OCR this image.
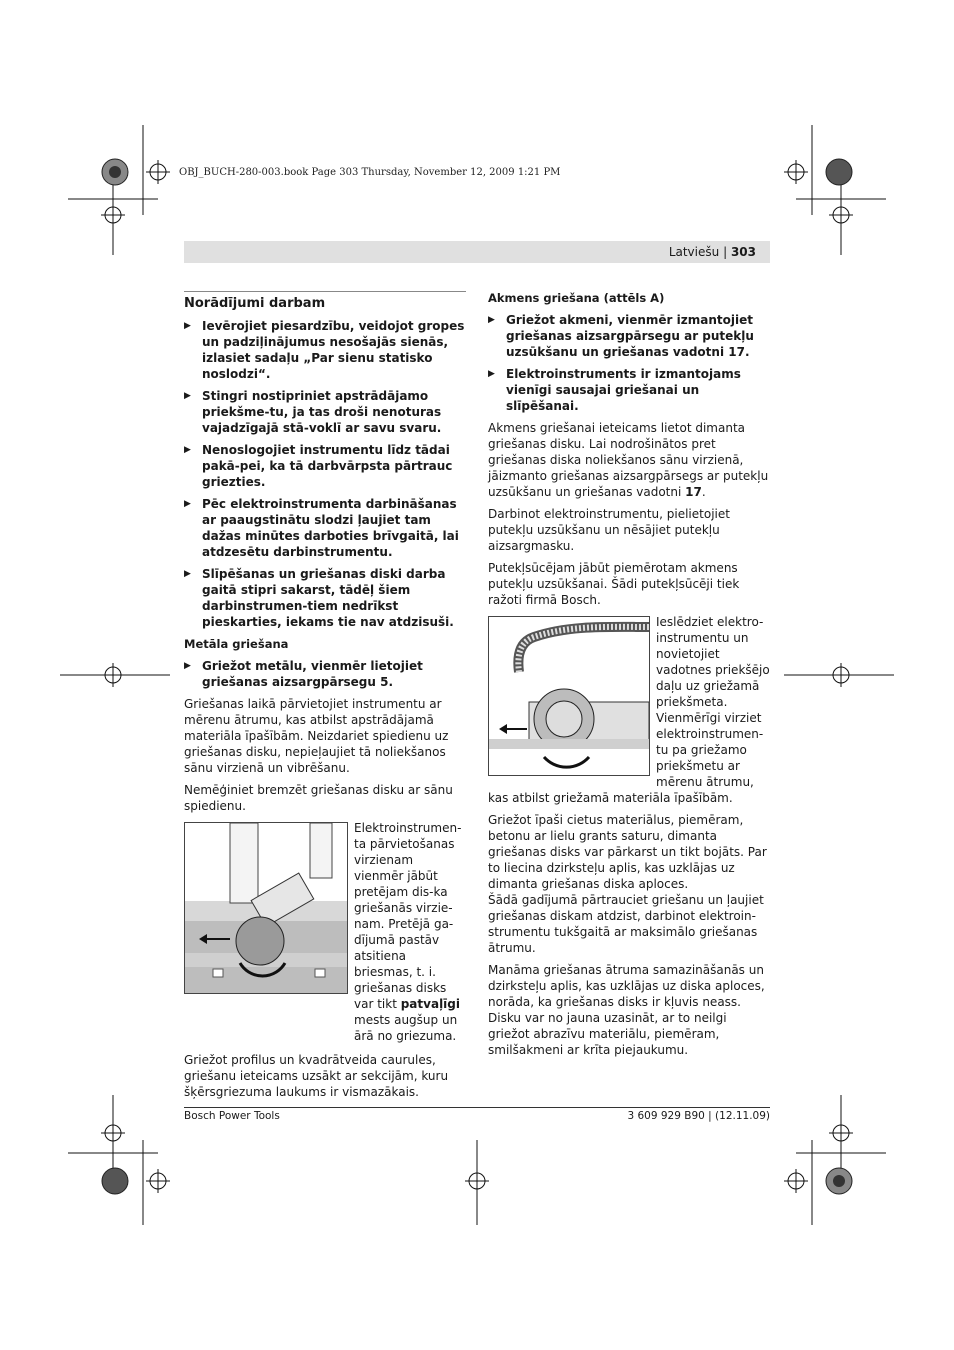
OBJ_BUCH-280-003.book Page 303 Thursday, November 12, 2009 1:21 PM
Latviešu | 303
Norādījumi darbam
▶ Ievērojiet piesardzību, veidojot gropes un padziļinājumus nesošajās sienās, izlasiet sadaļu „Par sienu statisko noslodzi“.
▶ Stingri nostipriniet apstrādājamo priekšme-tu, ja tas droši nenoturas vajadzīgajā stā-voklī ar savu svaru.
▶ Nenoslogojiet instrumentu līdz tādai pakā-pei, ka tā darbvārpsta pārtrauc griezties.
▶ Pēc elektroinstrumenta darbināšanas ar paaugstinātu slodzi ļaujiet tam dažas minūtes darboties brīvgaitā, lai atdzesētu darbinstrumentu.
▶ Slīpēšanas un griešanas diski darba gaitā stipri sakarst, tādēļ šiem darbinstrumen-tiem nedrīkst pieskarties, iekams tie nav atdzisuši.
Metāla griešana
▶ Griežot metālu, vienmēr lietojiet griešanas aizsargpārsegu 5.

Griešanas laikā pārvietojiet instrumentu ar mērenu ātrumu, kas atbilst apstrādājamā materiāla īpašībām. Neizdariet spiedienu uz griešanas disku, nepieļaujiet tā noliekšanos sānu virzienā un vibrēšanu.

Nemēģiniet bremzēt griešanas disku ar sānu spiedienu.

Elektroinstrumen-ta pārvietošanas virzienam vienmēr jābūt pretējam dis-ka griešanās virzie-nam. Pretējā ga-dījumā pastāv atsitiena briesmas, t. i. griešanas disks var tikt patvaļīgi mests augšup un ārā no griezuma.

Griežot profilus un kvadrātveida caurules, griešanu ieteicams uzsākt ar sekcijām, kuru šķērsgriezuma laukums ir vismazākais.

Akmens griešana (attēls A)
▶ Griežot akmeni, vienmēr izmantojiet griešanas aizsargpārsegu ar putekļu uzsūkšanu un griešanas vadotni 17.
▶ Elektroinstruments ir izmantojams vienīgi sausajai griešanai un slīpēšanai.

Akmens griešanai ieteicams lietot dimanta griešanas disku. Lai nodrošinātos pret griešanas diska noliekšanos sānu virzienā, jāizmanto griešanas aizsargpārsegs ar putekļu uzsūkšanu un griešanas vadotni 17.

Darbinot elektroinstrumentu, pielietojiet putekļu uzsūkšanu un nēsājiet putekļu aizsargmasku.

Putekļsūcējam jābūt piemērotam akmens putekļu uzsūkšanai. Šādi putekļsūcēji tiek ražoti firmā Bosch.

Ieslēdziet elektro-instrumentu un novietojiet vadotnes priekšējo daļu uz griežamā priekšmeta. Vienmērīgi virziet elektroinstrumen-tu pa griežamo priekšmetu ar mērenu ātrumu,

kas atbilst griežamā materiāla īpašībām.

Griežot īpaši cietus materiālus, piemēram, betonu ar lielu grants saturu, dimanta griešanas disks var pārkarst un tikt bojāts. Par to liecina dzirksteļu aplis, kas uzklājas uz dimanta griešanas diska aploces.

Šādā gadījumā pārtrauciet griešanu un ļaujiet griešanas diskam atdzist, darbinot elektroin-strumentu tukšgaitā ar maksimālo griešanas ātrumu.

Manāma griešanas ātruma samazināšanās un dzirksteļu aplis, kas uzklājas uz diska aploces, norāda, ka griešanas disks ir kļuvis neass. Disku var no jauna uzasināt, ar to neilgi griežot abrazīvu materiālu, piemēram, smilšakmeni ar krīta piejaukumu.

Bosch Power Tools	3 609 929 B90 | (12.11.09)
